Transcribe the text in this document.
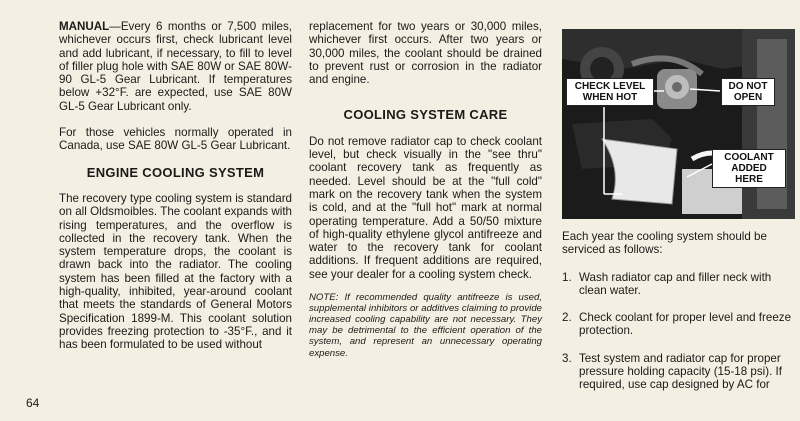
MANUAL—Every 6 months or 7,500 miles, whichever occurs first, check lubricant level and add lubricant, if necessary, to fill to level of filler plug hole with SAE 80W or SAE 80W-90 GL-5 Gear Lubricant. If temperatures below +32°F. are expected, use SAE 80W GL-5 Gear Lubricant only.

For those vehicles normally operated in Canada, use SAE 80W GL-5 Gear Lubricant.

ENGINE COOLING SYSTEM

The recovery type cooling system is standard on all Oldsmoibles. The coolant expands with rising temperatures, and the overflow is collected in the recovery tank. When the system temperature drops, the coolant is drawn back into the radiator. The cooling system has been filled at the factory with a high-quality, inhibited, year-around coolant that meets the standards of General Motors Specification 1899-M. This coolant solution provides freezing protection to -35°F., and it has been formulated to be used without

replacement for two years or 30,000 miles, whichever first occurs. After two years or 30,000 miles, the coolant should be drained to prevent rust or corrosion in the radiator and engine.

COOLING SYSTEM CARE

Do not remove radiator cap to check coolant level, but check visually in the "see thru" coolant recovery tank as frequently as needed. Level should be at the "full cold" mark on the recovery tank when the system is cold, and at the "full hot" mark at normal operating temperature. Add a 50/50 mixture of high-quality ethylene glycol antifreeze and water to the recovery tank for coolant additions. If frequent additions are required, see your dealer for a cooling system check.

NOTE: If recommended quality antifreeze is used, supplemental inhibitors or additives claiming to provide increased cooling capability are not necessary. They may be detrimental to the efficient operation of the system, and represent an unnecessary operating expense.

CHECK LEVEL WHEN HOT
DO NOT OPEN
COOLANT ADDED HERE

Each year the cooling system should be serviced as follows:

1. Wash radiator cap and filler neck with clean water.
2. Check coolant for proper level and freeze protection.
3. Test system and radiator cap for proper pressure holding capacity (15-18 psi). If required, use cap designed by AC for
64
